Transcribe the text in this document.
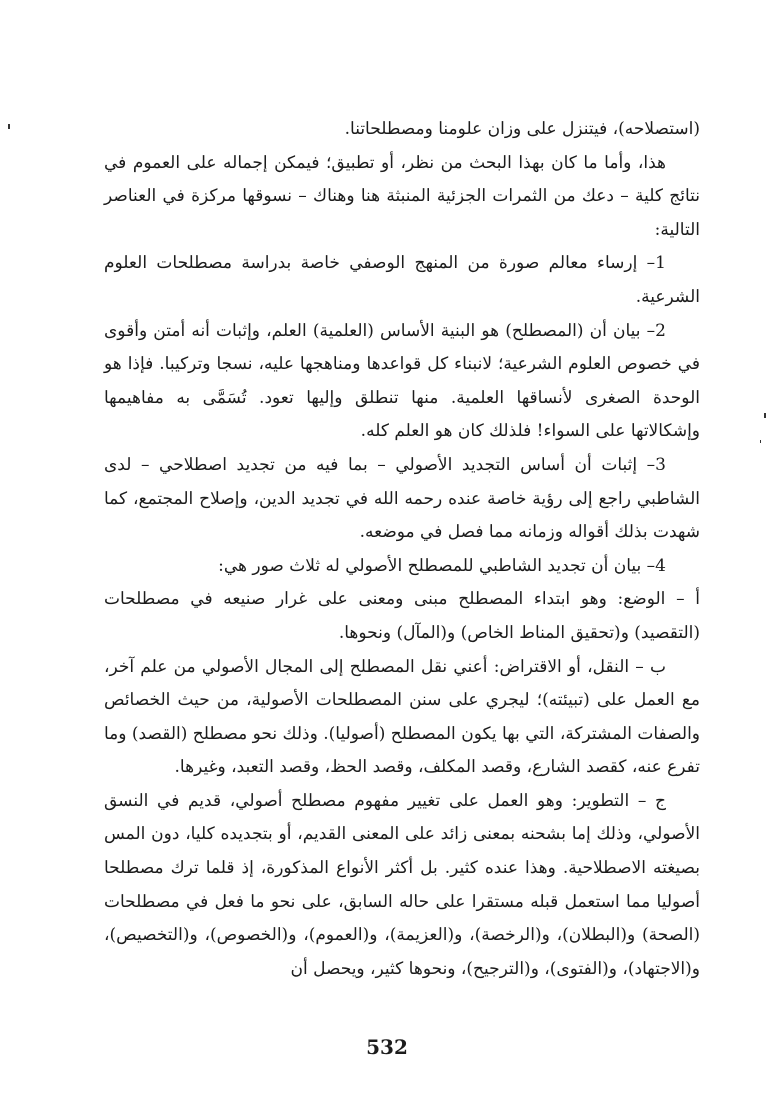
(استصلاحه)، فيتنزل على وزان علومنا ومصطلحاتنا.

هذا، وأما ما كان بهذا البحث من نظر، أو تطبيق؛ فيمكن إجماله على العموم في نتائج كلية – دعك من الثمرات الجزئية المنبثة هنا وهناك – نسوقها مركزة في العناصر التالية:

1– إرساء معالم صورة من المنهج الوصفي خاصة بدراسة مصطلحات العلوم الشرعية.

2– بيان أن (المصطلح) هو البنية الأساس (العلمية) العلم، وإثبات أنه أمتن وأقوى في خصوص العلوم الشرعية؛ لانبناء كل قواعدها ومناهجها عليه، نسجا وتركيبا. فإذا هو الوحدة الصغرى لأنساقها العلمية. منها تنطلق وإليها تعود. تُسَمَّى به مفاهيمها وإشكالاتها على السواء! فلذلك كان هو العلم كله.

3– إثبات أن أساس التجديد الأصولي – بما فيه من تجديد اصطلاحي – لدى الشاطبي راجع إلى رؤية خاصة عنده رحمه الله في تجديد الدين، وإصلاح المجتمع، كما شهدت بذلك أقواله وزمانه مما فصل في موضعه.

4– بيان أن تجديد الشاطبي للمصطلح الأصولي له ثلاث صور هي:

أ – الوضع: وهو ابتداء المصطلح مبنى ومعنى على غرار صنيعه في مصطلحات (التقصيد) و(تحقيق المناط الخاص) و(المآل) ونحوها.

ب – النقل، أو الاقتراض: أعني نقل المصطلح إلى المجال الأصولي من علم آخر، مع العمل على (تبيئته)؛ ليجري على سنن المصطلحات الأصولية، من حيث الخصائص والصفات المشتركة، التي بها يكون المصطلح (أصوليا). وذلك نحو مصطلح (القصد) وما تفرع عنه، كقصد الشارع، وقصد المكلف، وقصد الحظ، وقصد التعبد، وغيرها.

ج – التطوير: وهو العمل على تغيير مفهوم مصطلح أصولي، قديم في النسق الأصولي، وذلك إما بشحنه بمعنى زائد على المعنى القديم، أو بتجديده كليا، دون المس بصيغته الاصطلاحية. وهذا عنده كثير. بل أكثر الأنواع المذكورة، إذ قلما ترك مصطلحا أصوليا مما استعمل قبله مستقرا على حاله السابق، على نحو ما فعل في مصطلحات (الصحة) و(البطلان)، و(الرخصة)، و(العزيمة)، و(العموم)، و(الخصوص)، و(التخصيص)، و(الاجتهاد)، و(الفتوى)، و(الترجيح)، ونحوها كثير، ويحصل أن

532
